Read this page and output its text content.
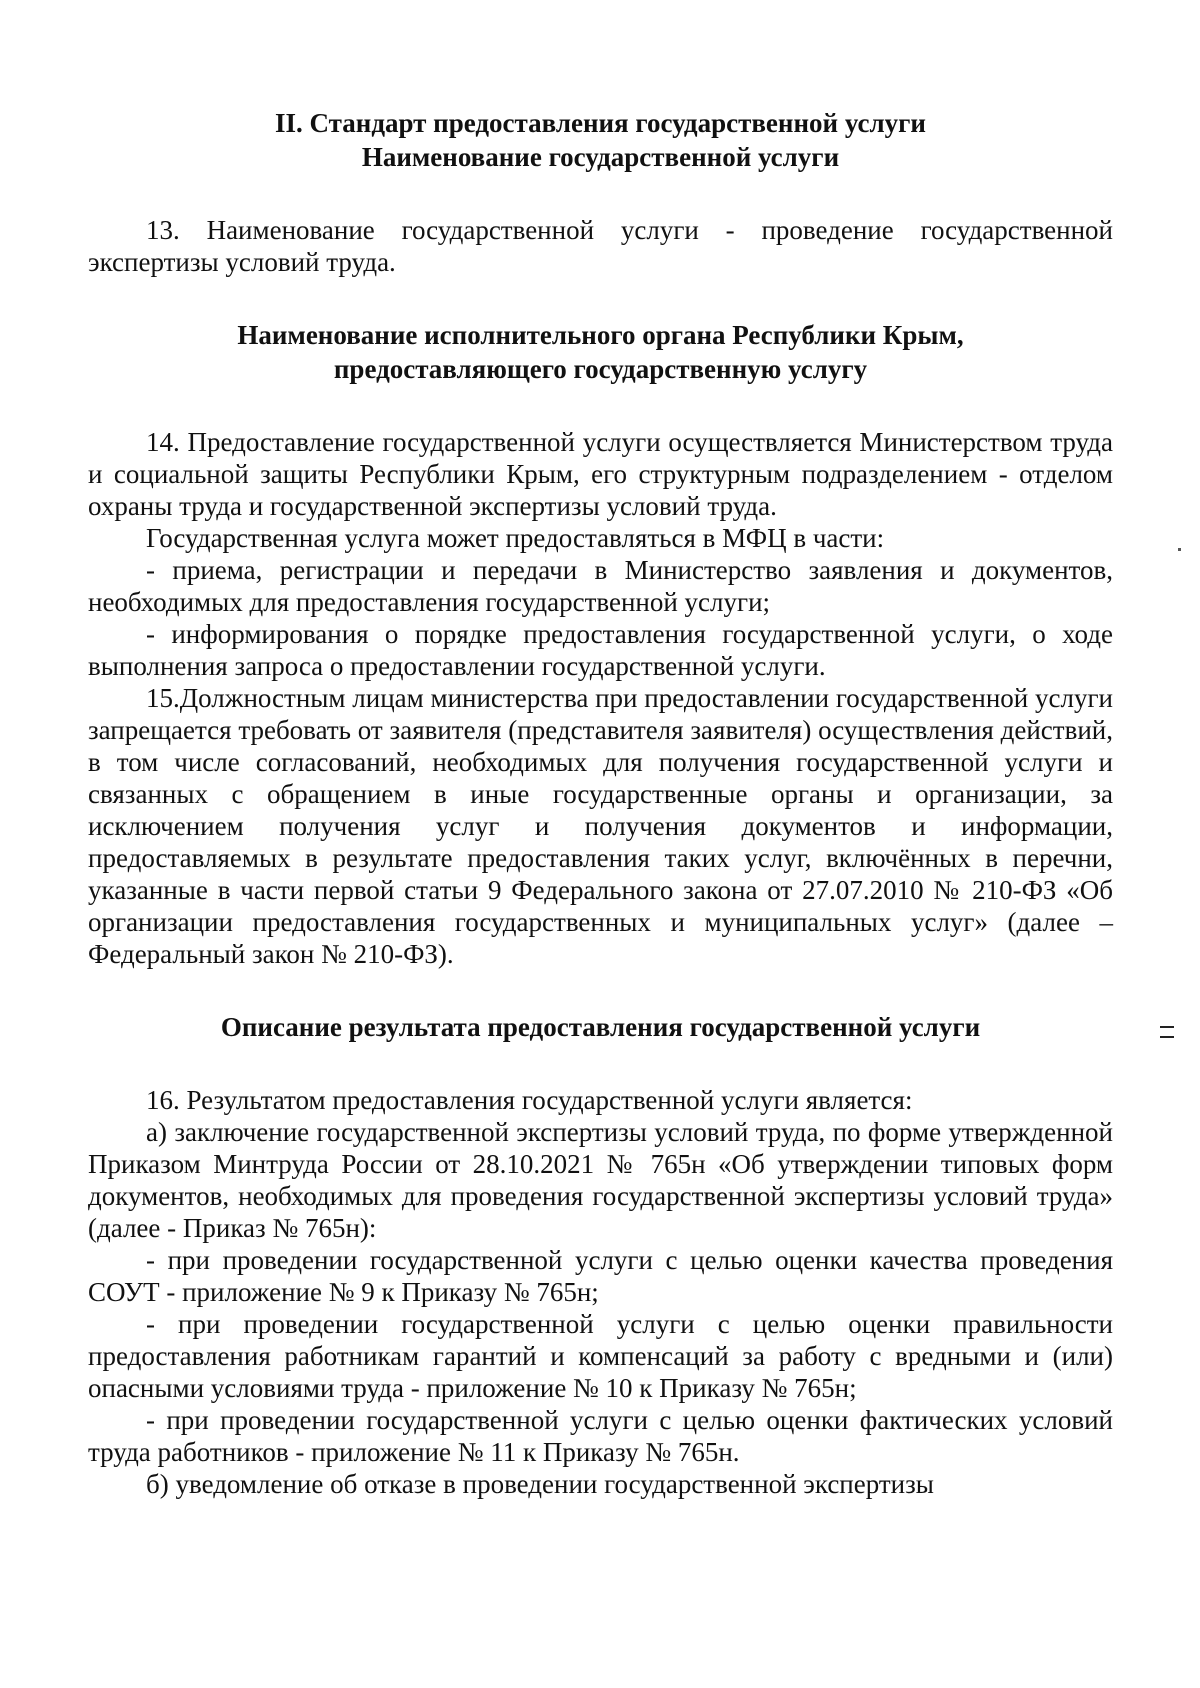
II. Стандарт предоставления государственной услуги
Наименование государственной услуги
13. Наименование государственной услуги - проведение государственной экспертизы условий труда.
Наименование исполнительного органа Республики Крым,
предоставляющего государственную услугу
14. Предоставление государственной услуги осуществляется Министерством труда и социальной защиты Республики Крым, его структурным подразделением - отделом охраны труда и государственной экспертизы условий труда.
Государственная услуга может предоставляться в МФЦ в части:
- приема, регистрации и передачи в Министерство заявления и документов, необходимых для предоставления государственной услуги;
- информирования о порядке предоставления государственной услуги, о ходе выполнения запроса о предоставлении государственной услуги.
15.Должностным лицам министерства при предоставлении государственной услуги запрещается требовать от заявителя (представителя заявителя) осуществления действий, в том числе согласований, необходимых для получения государственной услуги и связанных с обращением в иные государственные органы и организации, за исключением получения услуг и получения документов и информации, предоставляемых в результате предоставления таких услуг, включённых в перечни, указанные в части первой статьи 9 Федерального закона от 27.07.2010 № 210-ФЗ «Об организации предоставления государственных и муниципальных услуг» (далее – Федеральный закон № 210-ФЗ).
Описание результата предоставления государственной услуги
16. Результатом предоставления государственной услуги является:
а) заключение государственной экспертизы условий труда, по форме утвержденной Приказом Минтруда России от 28.10.2021 № 765н «Об утверждении типовых форм документов, необходимых для проведения государственной экспертизы условий труда» (далее - Приказ № 765н):
- при проведении государственной услуги с целью оценки качества проведения СОУТ - приложение № 9 к Приказу № 765н;
- при проведении государственной услуги с целью оценки правильности предоставления работникам гарантий и компенсаций за работу с вредными и (или) опасными условиями труда - приложение № 10 к Приказу № 765н;
- при проведении государственной услуги с целью оценки фактических условий труда работников - приложение № 11 к Приказу № 765н.
б) уведомление об отказе в проведении государственной экспертизы
